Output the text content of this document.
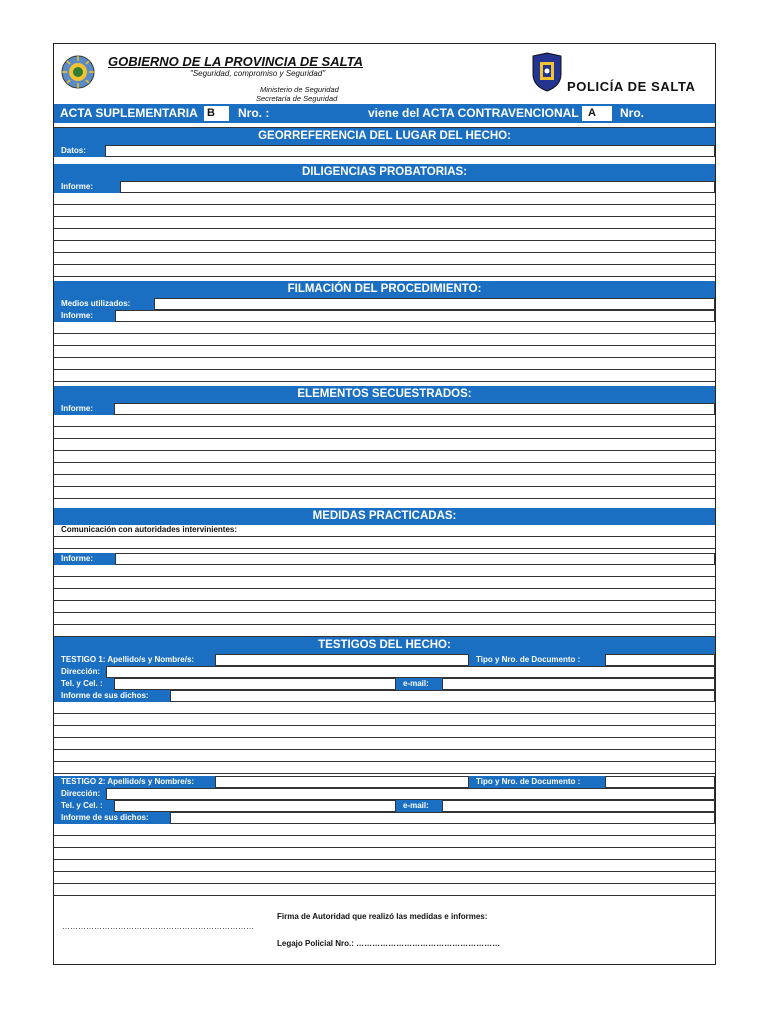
GOBIERNO DE LA PROVINCIA DE SALTA
"Seguridad, compromiso y Seguridad"
Ministerio de Seguridad
Secretaría de Seguridad
POLICÍA DE SALTA
ACTA SUPLEMENTARIA B	Nro. :	viene del ACTA CONTRAVENCIONAL A	Nro.
GEORREFERENCIA DEL LUGAR DEL HECHO:
Datos:
DILIGENCIAS PROBATORIAS:
Informe:
FILMACIÓN DEL PROCEDIMIENTO:
Medios utilizados:
Informe:
ELEMENTOS SECUESTRADOS:
Informe:
MEDIDAS PRACTICADAS:
Comunicación con autoridades intervinientes:
Informe:
TESTIGOS DEL HECHO:
TESTIGO 1: Apellido/s y Nombre/s:	Tipo y Nro. de Documento :
Dirección:
Tel. y Cel. :	e-mail:
Informe de sus dichos:
TESTIGO 2: Apellido/s y Nombre/s:	Tipo y Nro. de Documento :
Dirección:
Tel. y Cel. :	e-mail:
Informe de sus dichos:
………………………………………………………………
Firma de Autoridad que realizó las medidas e informes:
Legajo Policial Nro.: ………………………………………………
